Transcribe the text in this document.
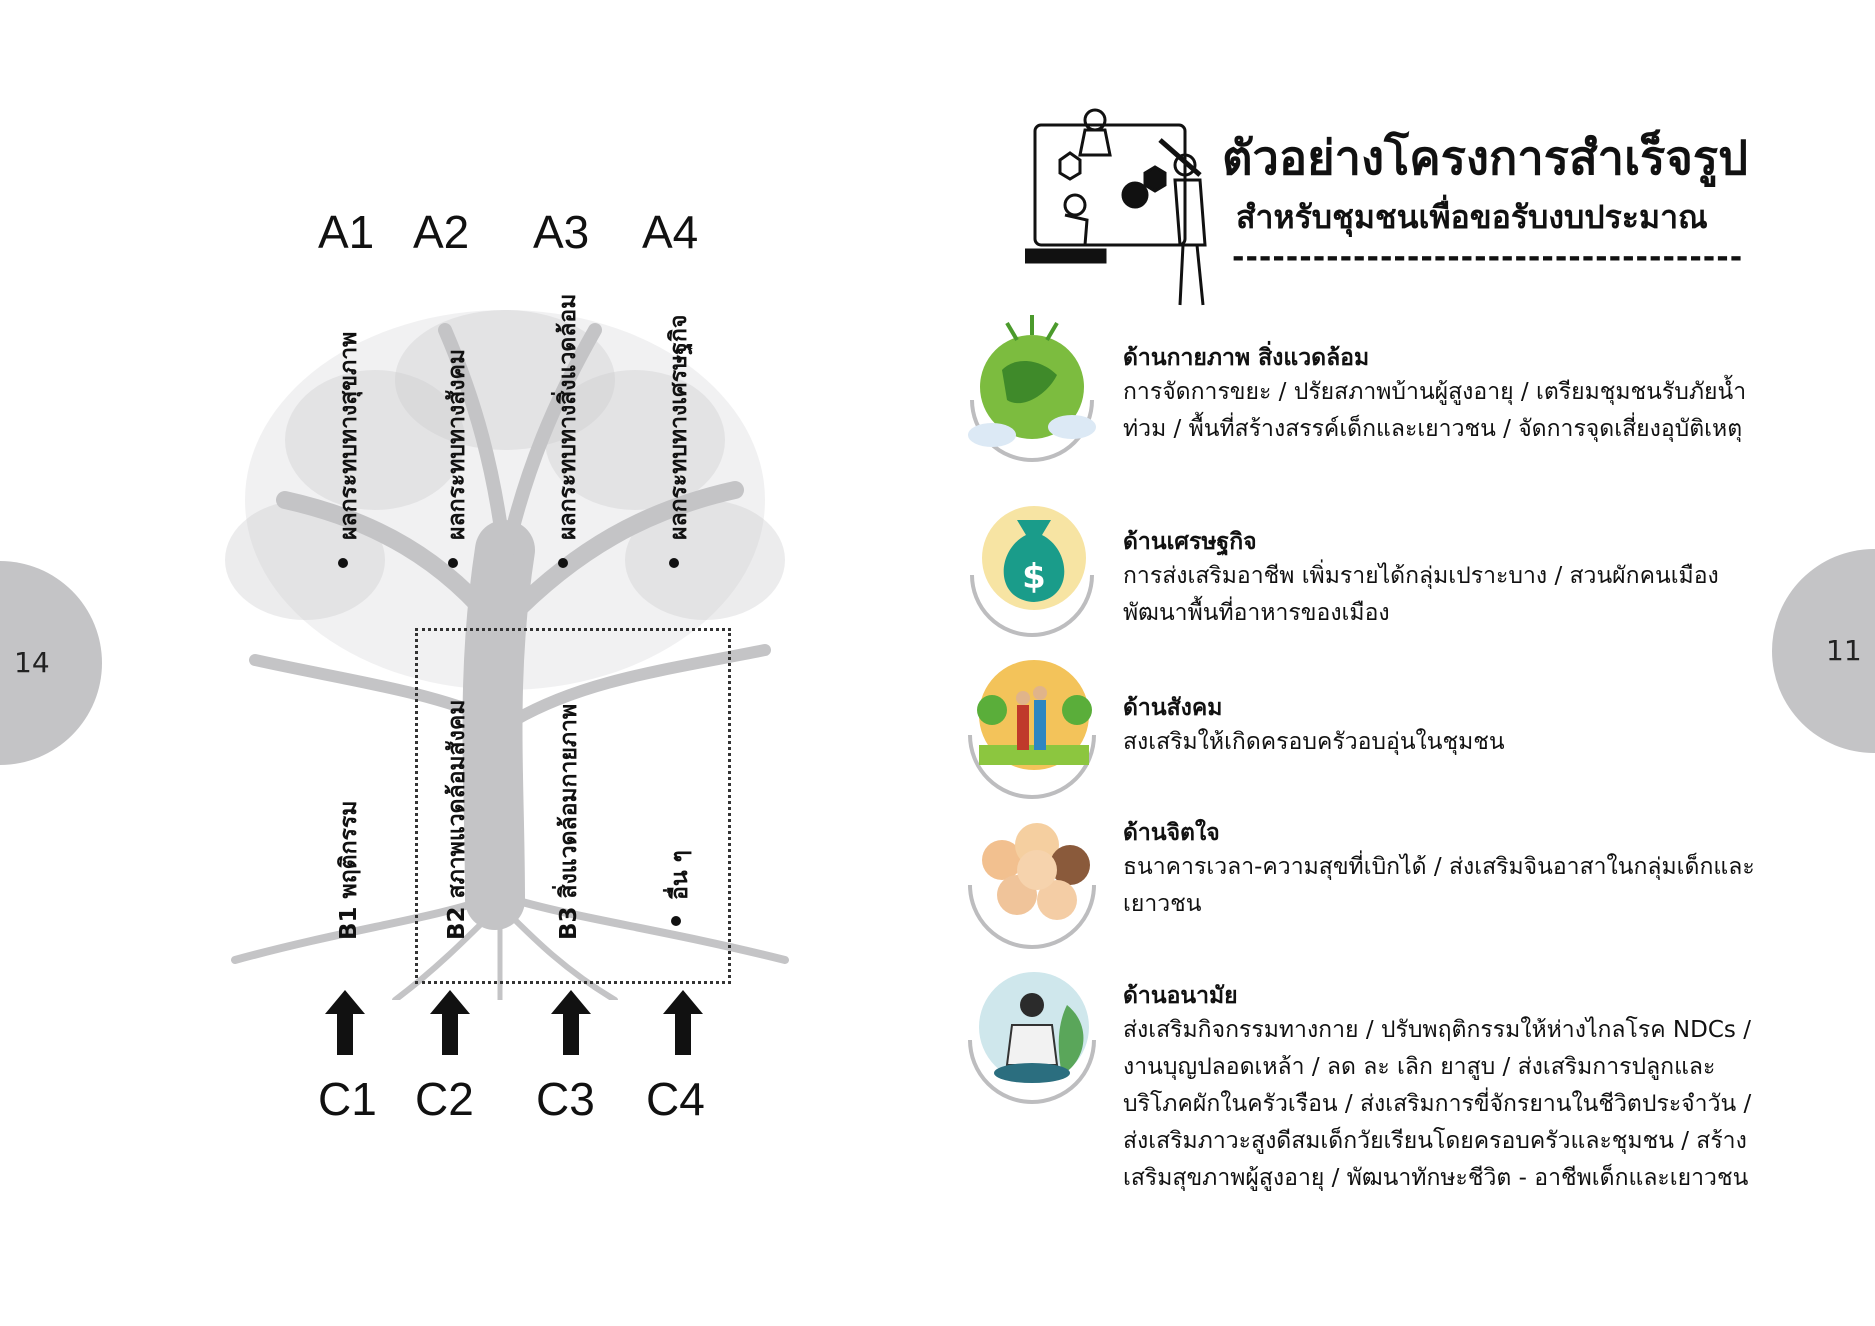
14
A1 A2 A3 A4
ผลกระทบทางสุขภาพ	ผลกระทบทางสังคม	ผลกระทบทางสิ่งแวดล้อม	ผลกระทบทางเศรษฐกิจ
B1 พฤติกรรม	B2 สภาพแวดล้อมสังคม	B3 สิ่งแวดล้อมกายภาพ	อื่น ๆ
C1 C2 C3 C4
11
ตัวอย่างโครงการสำเร็จรูป
สำหรับชุมชนเพื่อขอรับงบประมาณ
--------------------------------------
ด้านกายภาพ สิ่งแวดล้อม
การจัดการขยะ / ปรัยสภาพบ้านผู้สูงอายุ / เตรียมชุมชนรับภัยน้ำท่วม / พื้นที่สร้างสรรค์เด็กและเยาวชน / จัดการจุดเสี่ยงอุบัติเหตุ
$
ด้านเศรษฐกิจ
การส่งเสริมอาชีพ เพิ่มรายได้กลุ่มเปราะบาง / สวนผักคนเมือง พัฒนาพื้นที่อาหารของเมือง
ด้านสังคม
สงเสริมให้เกิดครอบครัวอบอุ่นในชุมชน
ด้านจิตใจ
ธนาคารเวลา-ความสุขที่เบิกได้ / ส่งเสริมจินอาสาในกลุ่มเด็กและเยาวชน
ด้านอนามัย
ส่งเสริมกิจกรรมทางกาย / ปรับพฤติกรรมให้ห่างไกลโรค NDCs / งานบุญปลอดเหล้า / ลด ละ เลิก ยาสูบ / ส่งเสริมการปลูกและบริโภคผักในครัวเรือน / ส่งเสริมการขี่จักรยานในชีวิตประจำวัน / ส่งเสริมภาวะสูงดีสมเด็กวัยเรียนโดยครอบครัวและชุมชน / สร้างเสริมสุขภาพผู้สูงอายุ / พัฒนาทักษะชีวิต - อาชีพเด็กและเยาวชน
